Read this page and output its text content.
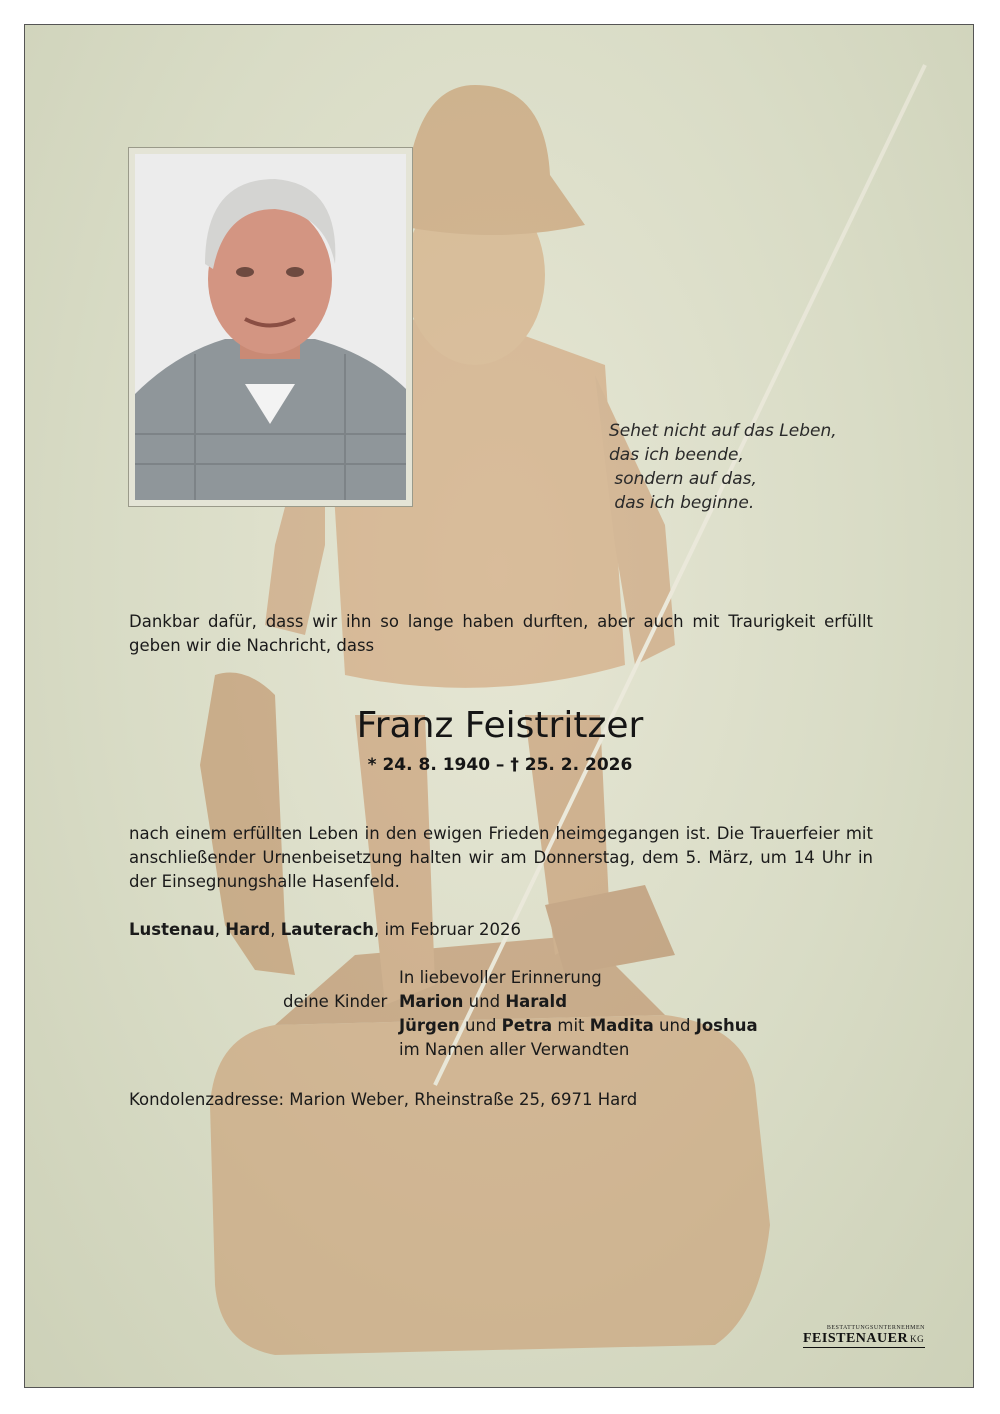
Sehet nicht auf das Leben,
das ich beende,
sondern auf das,
das ich beginne.
Dankbar dafür, dass wir ihn so lange haben durften, aber auch mit Traurigkeit erfüllt geben wir die Nachricht, dass
Franz Feistritzer
* 24. 8. 1940 – † 25. 2. 2026
nach einem erfüllten Leben in den ewigen Frieden heimgegangen ist. Die Trauerfeier mit anschließender Urnenbeisetzung halten wir am Donnerstag, dem 5. März, um 14 Uhr in der Einsegnungshalle Hasenfeld.
Lustenau, Hard, Lauterach, im Februar 2026
In liebevoller Erinnerung
Marion und Harald
Jürgen und Petra mit Madita und Joshua
im Namen aller Verwandten
deine Kinder
Kondolenzadresse: Marion Weber, Rheinstraße 25, 6971 Hard
BESTATTUNGSUNTERNEHMEN
FEISTENAUER KG
